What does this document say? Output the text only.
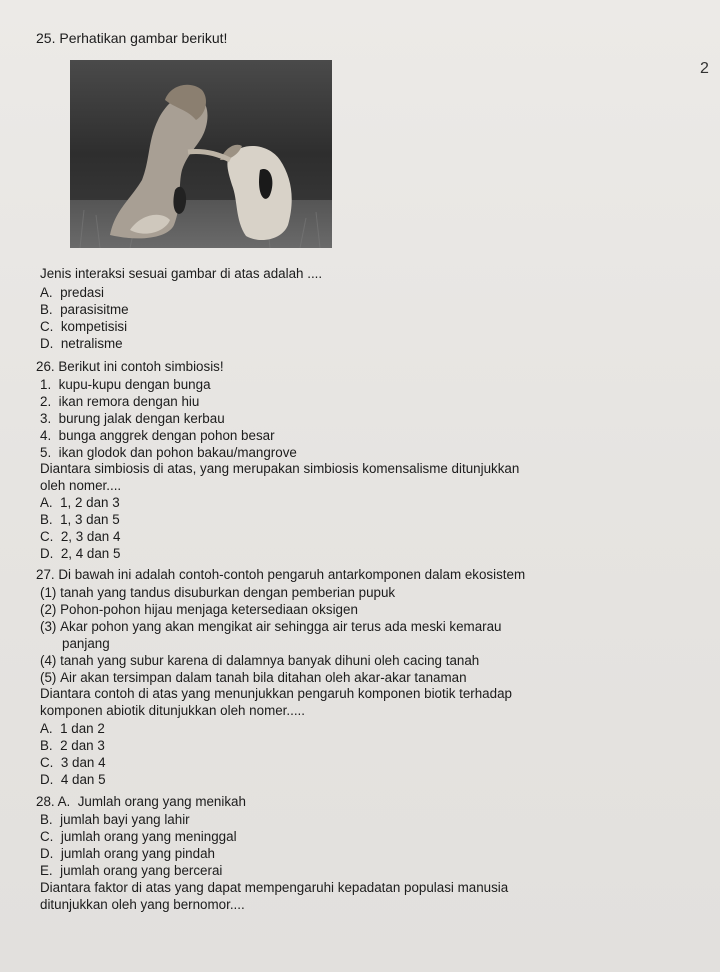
2
25. Perhatikan gambar berikut!
Jenis interaksi sesuai gambar di atas adalah ....
A. predasi
B. parasisitme
C. kompetisisi
D. netralisme
26. Berikut ini contoh simbiosis!
1. kupu-kupu dengan bunga
2. ikan remora dengan hiu
3. burung jalak dengan kerbau
4. bunga anggrek dengan pohon besar
5. ikan glodok dan pohon bakau/mangrove
Diantara simbiosis di atas, yang merupakan simbiosis komensalisme ditunjukkan
oleh nomer....
A. 1, 2 dan 3
B. 1, 3 dan 5
C. 2, 3 dan 4
D. 2, 4 dan 5
27. Di bawah ini adalah contoh-contoh pengaruh antarkomponen dalam ekosistem
(1) tanah yang tandus disuburkan dengan pemberian pupuk
(2) Pohon-pohon hijau menjaga ketersediaan oksigen
(3) Akar pohon yang akan mengikat air sehingga air terus ada meski kemarau
panjang
(4) tanah yang subur karena di dalamnya banyak dihuni oleh cacing tanah
(5) Air akan tersimpan dalam tanah bila ditahan oleh akar-akar tanaman
Diantara contoh di atas yang menunjukkan pengaruh komponen biotik terhadap
komponen abiotik ditunjukkan oleh nomer.....
A. 1 dan 2
B. 2 dan 3
C. 3 dan 4
D. 4 dan 5
28. A. Jumlah orang yang menikah
B. jumlah bayi yang lahir
C. jumlah orang yang meninggal
D. jumlah orang yang pindah
E. jumlah orang yang bercerai
Diantara faktor di atas yang dapat mempengaruhi kepadatan populasi manusia
ditunjukkan oleh yang bernomor....
